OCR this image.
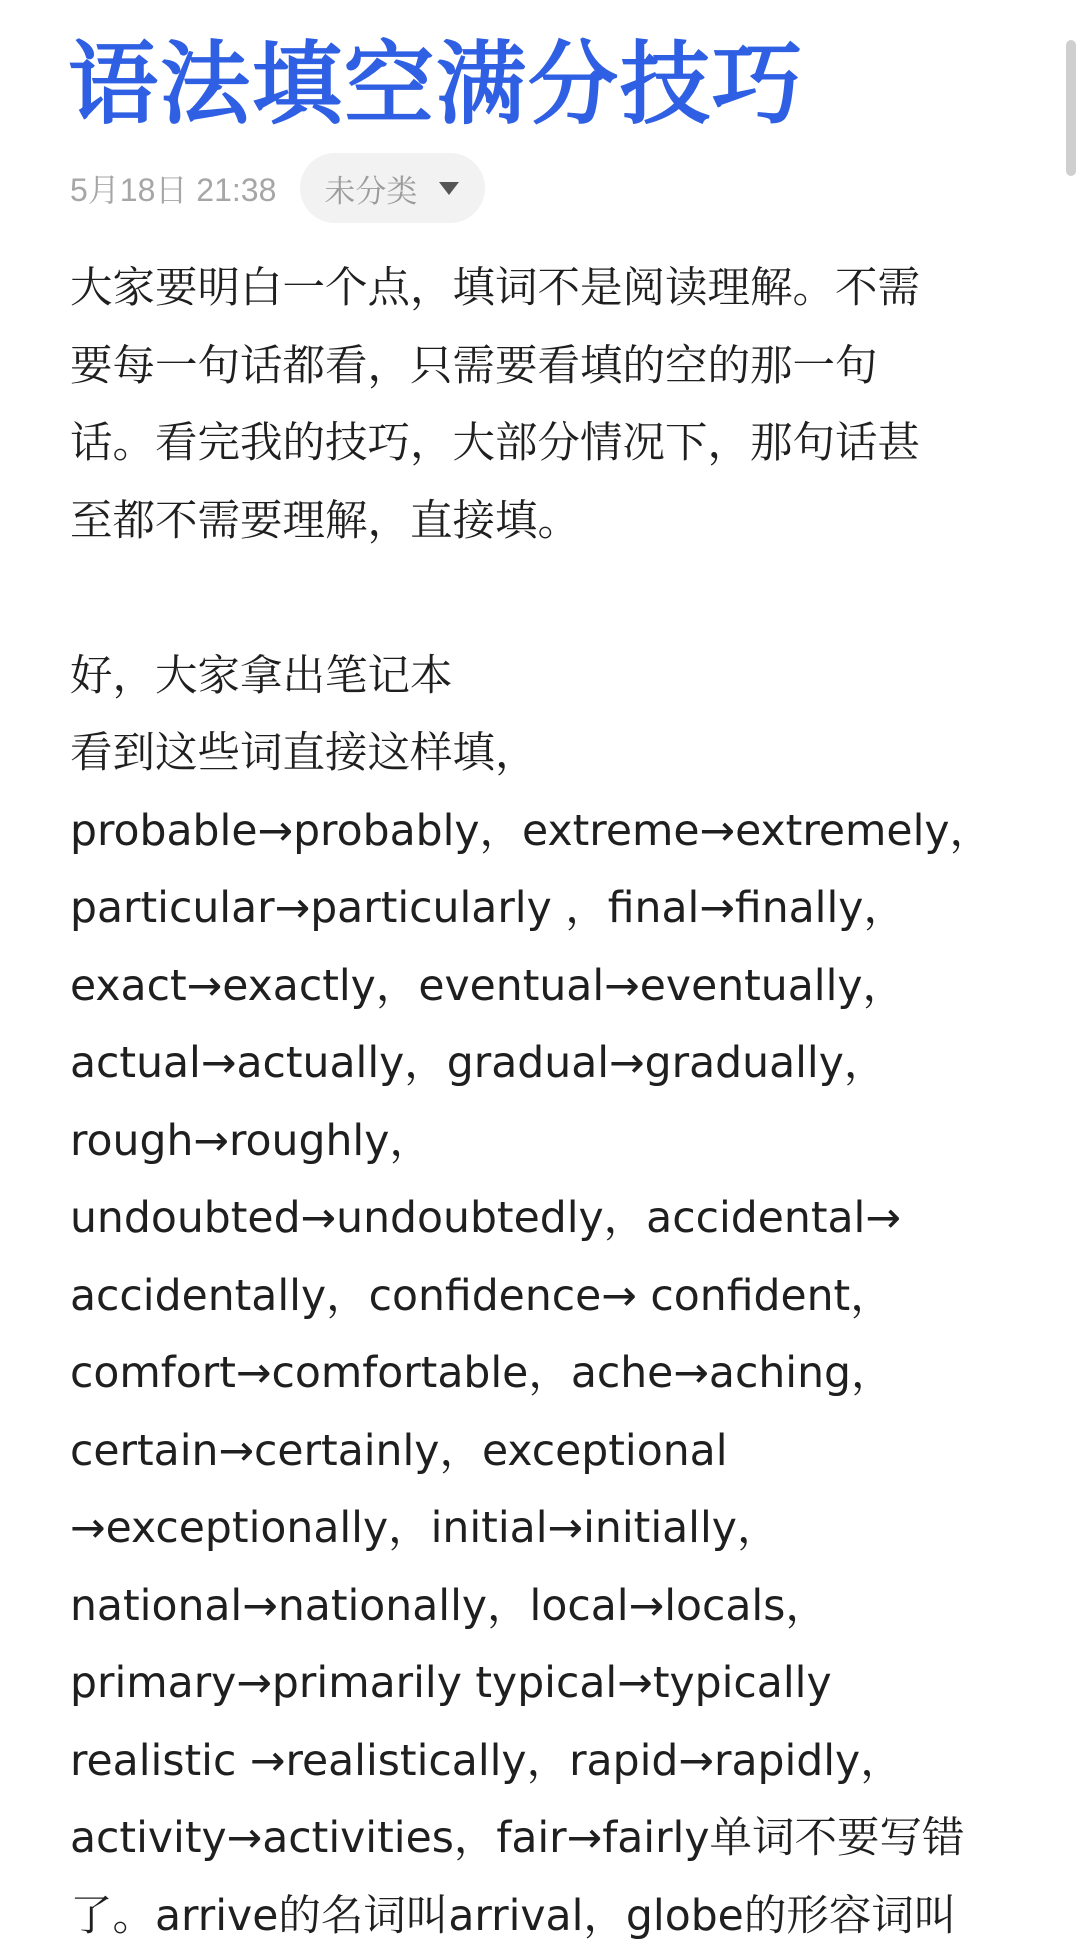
语法填空满分技巧
5月18日 21:38 未分类

大家要明白一个点，填词不是阅读理解。不需
要每一句话都看，只需要看填的空的那一句
话。看完我的技巧，大部分情况下，那句话甚
至都不需要理解，直接填。

好，大家拿出笔记本
看到这些词直接这样填，
probable→probably，extreme→extremely，
particular→particularly ，final→finally，
exact→exactly，eventual→eventually，
actual→actually，gradual→gradually，
rough→roughly，
undoubted→undoubtedly，accidental→
accidentally，confidence→ confident，
comfort→comfortable，ache→aching，
certain→certainly，exceptional
→exceptionally，initial→initially，
national→nationally，local→locals，
primary→primarily typical→typically
realistic →realistically，rapid→rapidly，
activity→activities，fair→fairly单词不要写错
了。arrive的名词叫arrival，globe的形容词叫
